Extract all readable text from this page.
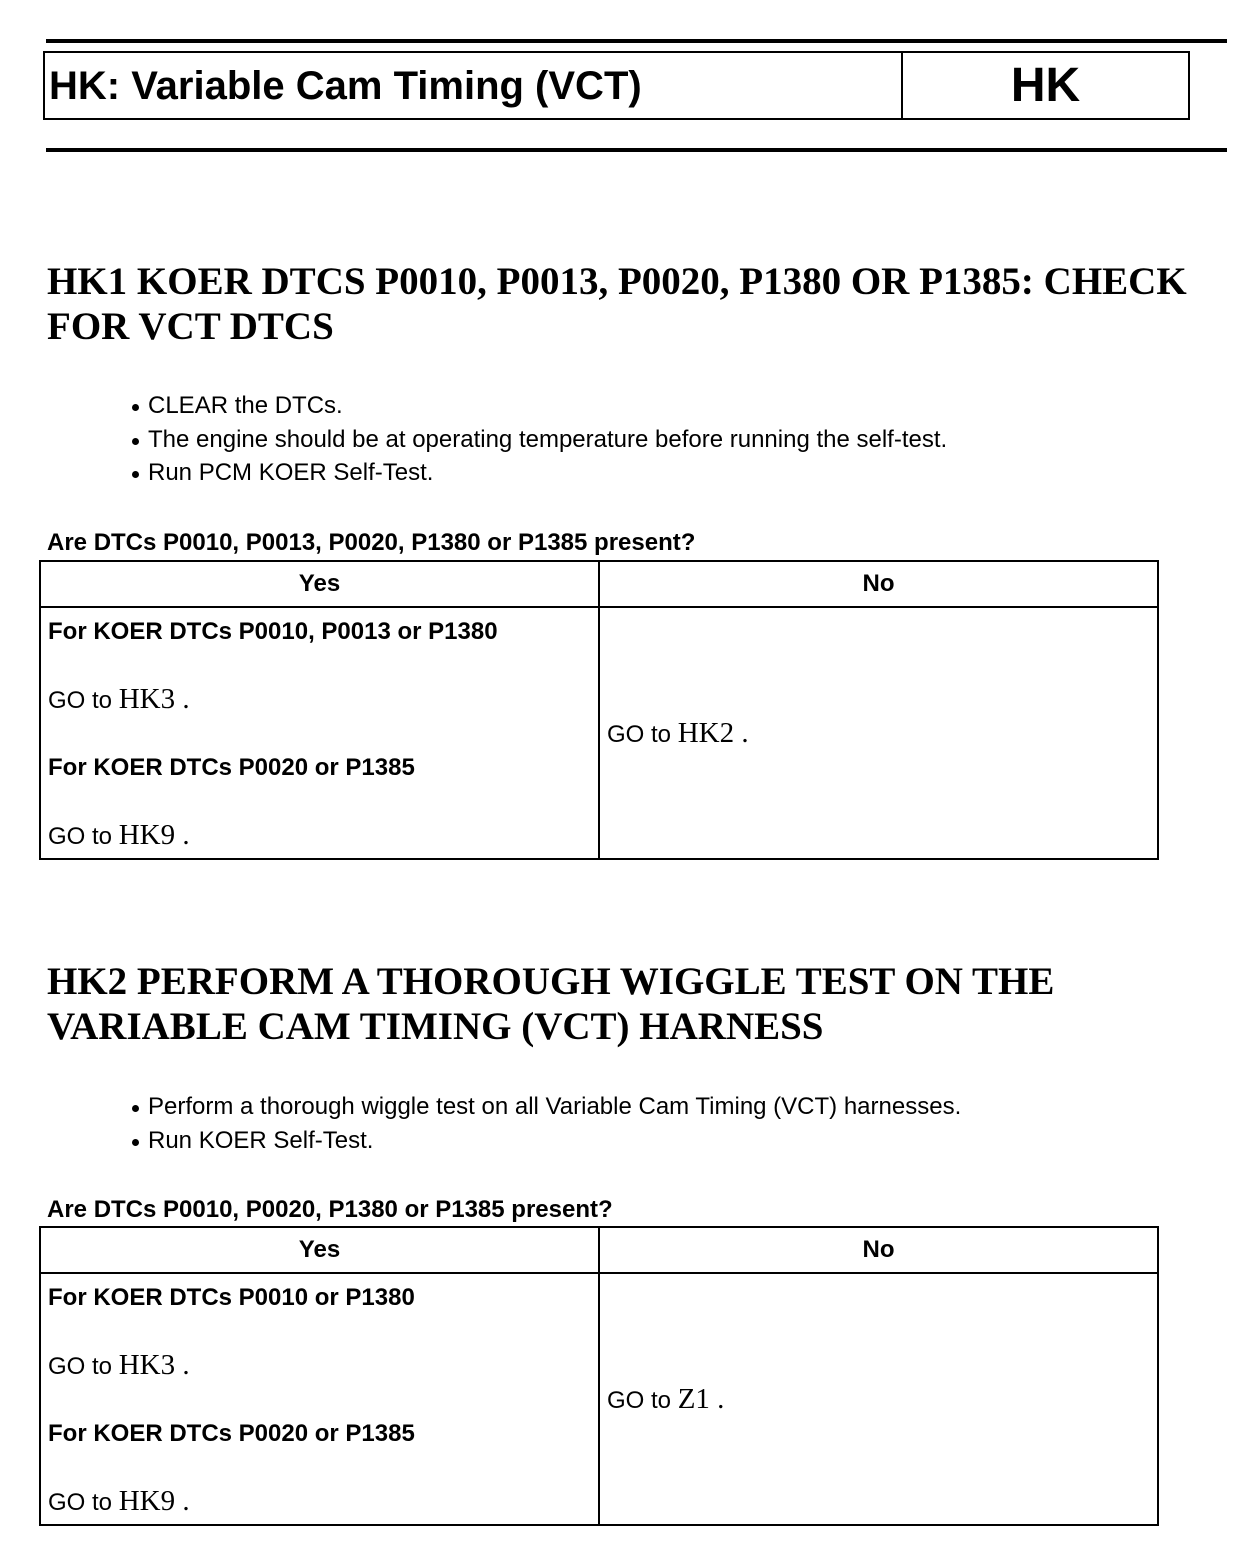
HK: Variable Cam Timing (VCT)	HK
HK1 KOER DTCS P0010, P0013, P0020, P1380 OR P1385: CHECK FOR VCT DTCS
CLEAR the DTCs.
The engine should be at operating temperature before running the self-test.
Run PCM KOER Self-Test.
Are DTCs P0010, P0013, P0020, P1380 or P1385 present?
Yes	No

For KOER DTCs P0010, P0013 or P1380
GO to HK3 .
For KOER DTCs P0020 or P1385
GO to HK9 .	GO to HK2 .
HK2 PERFORM A THOROUGH WIGGLE TEST ON THE VARIABLE CAM TIMING (VCT) HARNESS
Perform a thorough wiggle test on all Variable Cam Timing (VCT) harnesses.
Run KOER Self-Test.
Are DTCs P0010, P0020, P1380 or P1385 present?
Yes	No

For KOER DTCs P0010 or P1380
GO to HK3 .
For KOER DTCs P0020 or P1385
GO to HK9 .	GO to Z1 .
